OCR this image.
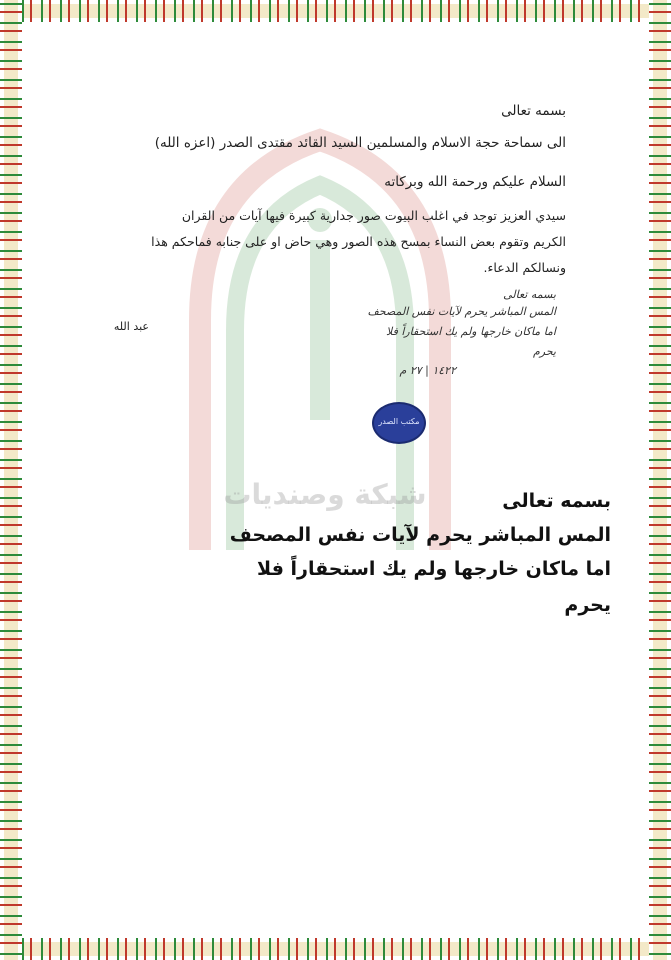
شبكة وصنديات
بسمه تعالى
الى سماحة حجة الاسلام والمسلمين السيد القائد مقتدى الصدر (اعزه الله)
السلام عليكم ورحمة الله وبركاته
سيدي العزيز توجد في اغلب البيوت صور جدارية كبيرة فيها آيات من القران
الكريم وتقوم بعض النساء بمسح هذه الصور وهي حاض او على جنابه فماحكم هذا
ونسالكم الدعاء.
عبد الله
بسمه تعالى
المس المباشر يحرم لآيات نفس المصحف
اما ماكان خارجها ولم يك استحقاراً فلا
يحرم
١٤٢٢ | ٢٧ م
مكتب الصدر
بسمه تعالى
المس المباشر يحرم لآيات نفس المصحف
اما ماكان خارجها ولم يك استحقاراً فلا
يحرم
